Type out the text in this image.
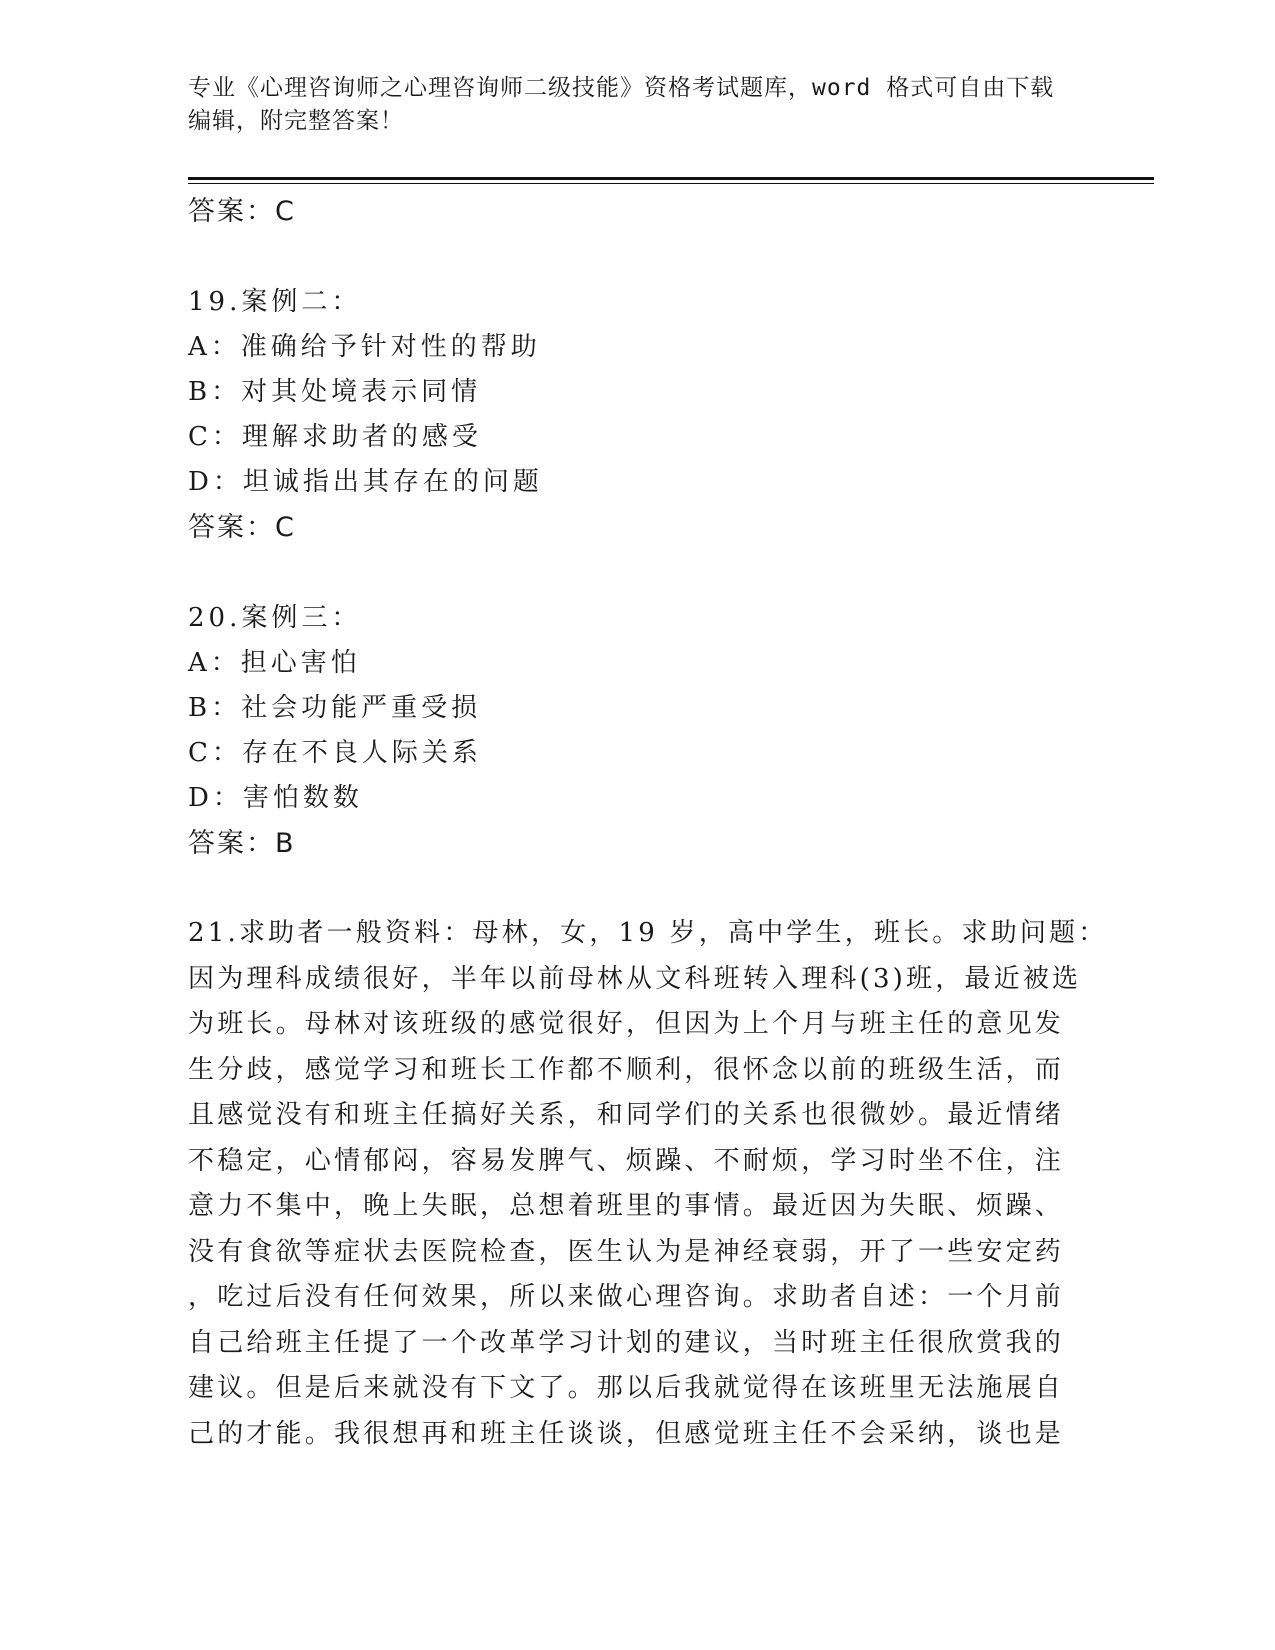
专业《心理咨询师之心理咨询师二级技能》资格考试题库，word 格式可自由下载
编辑，附完整答案！
答案：C
19.案例二：
A：准确给予针对性的帮助
B：对其处境表示同情
C：理解求助者的感受
D：坦诚指出其存在的问题
答案：C
20.案例三：
A：担心害怕
B：社会功能严重受损
C：存在不良人际关系
D：害怕数数
答案：B
21.求助者一般资料：母林，女，19 岁，高中学生，班长。求助问题：
因为理科成绩很好，半年以前母林从文科班转入理科(3)班，最近被选
为班长。母林对该班级的感觉很好，但因为上个月与班主任的意见发
生分歧，感觉学习和班长工作都不顺利，很怀念以前的班级生活，而
且感觉没有和班主任搞好关系，和同学们的关系也很微妙。最近情绪
不稳定，心情郁闷，容易发脾气、烦躁、不耐烦，学习时坐不住，注
意力不集中，晚上失眠，总想着班里的事情。最近因为失眠、烦躁、
没有食欲等症状去医院检查，医生认为是神经衰弱，开了一些安定药
，吃过后没有任何效果，所以来做心理咨询。求助者自述：一个月前
自己给班主任提了一个改革学习计划的建议，当时班主任很欣赏我的
建议。但是后来就没有下文了。那以后我就觉得在该班里无法施展自
己的才能。我很想再和班主任谈谈，但感觉班主任不会采纳，谈也是
